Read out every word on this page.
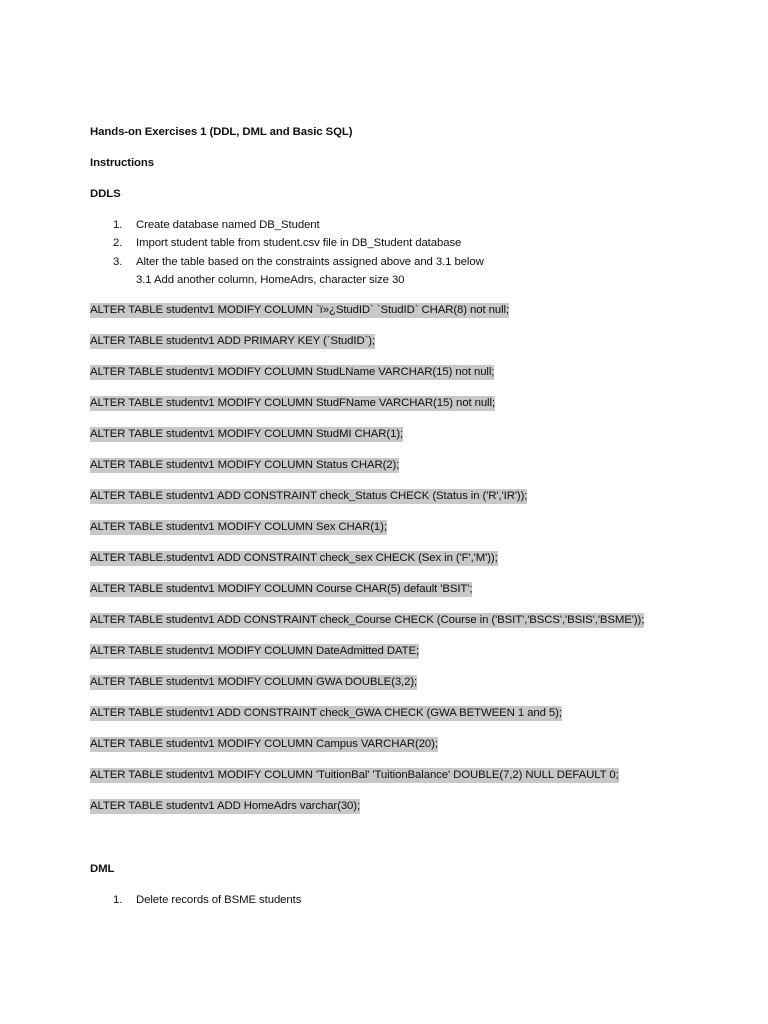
Hands-on Exercises 1 (DDL, DML and Basic SQL)
Instructions
DDLS
1. Create database named DB_Student
2. Import student table from student.csv file in DB_Student database
3. Alter the table based on the constraints assigned above and 3.1 below
3.1 Add another column, HomeAdrs, character size 30
ALTER TABLE studentv1 MODIFY COLUMN `ï»¿StudID` `StudID` CHAR(8) not null;
ALTER TABLE studentv1 ADD PRIMARY KEY (`StudID`);
ALTER TABLE studentv1 MODIFY COLUMN StudLName VARCHAR(15) not null;
ALTER TABLE studentv1 MODIFY COLUMN StudFName VARCHAR(15) not null;
ALTER TABLE studentv1 MODIFY COLUMN StudMI CHAR(1);
ALTER TABLE studentv1 MODIFY COLUMN Status CHAR(2);
ALTER TABLE studentv1 ADD CONSTRAINT check_Status CHECK (Status in ('R','IR'));
ALTER TABLE studentv1 MODIFY COLUMN Sex CHAR(1);
ALTER TABLE.studentv1 ADD CONSTRAINT check_sex CHECK (Sex in ('F','M'));
ALTER TABLE studentv1 MODIFY COLUMN Course CHAR(5) default 'BSIT';
ALTER TABLE studentv1 ADD CONSTRAINT check_Course CHECK (Course in ('BSIT','BSCS','BSIS','BSME'));
ALTER TABLE studentv1 MODIFY COLUMN DateAdmitted DATE;
ALTER TABLE studentv1 MODIFY COLUMN GWA DOUBLE(3,2);
ALTER TABLE studentv1 ADD CONSTRAINT check_GWA CHECK (GWA BETWEEN 1 and 5);
ALTER TABLE studentv1 MODIFY COLUMN Campus VARCHAR(20);
ALTER TABLE studentv1 MODIFY COLUMN 'TuitionBal' 'TuitionBalance' DOUBLE(7,2) NULL DEFAULT 0;
ALTER TABLE studentv1 ADD HomeAdrs varchar(30);
DML
1. Delete records of BSME students
